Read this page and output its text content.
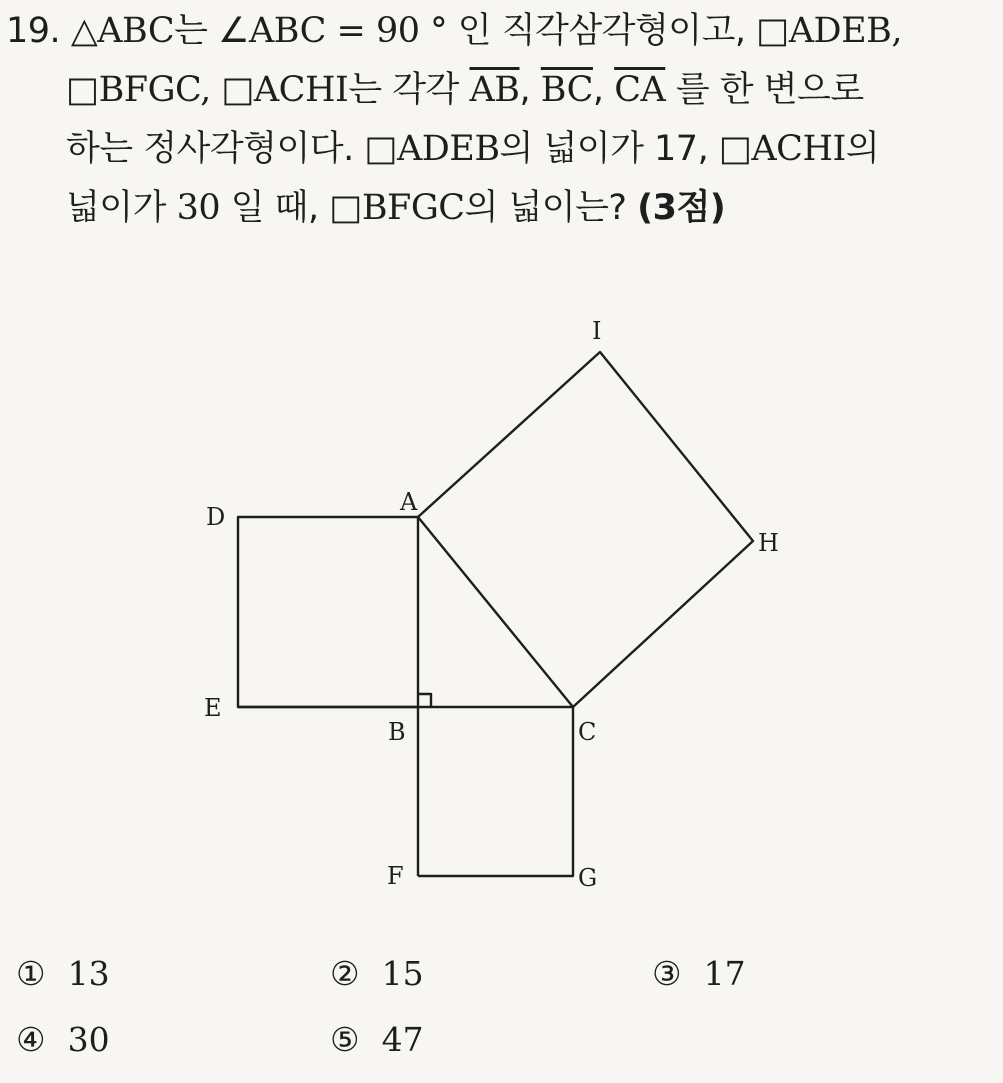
19. △ABC는 ∠ABC = 90 ° 인 직각삼각형이고, □ADEB,
□BFGC, □ACHI는 각각 $\overline{AB}$, $\overline{BC}$, $\overline{CA}$ 를 한 변으로
하는 정사각형이다. □ADEB의 넓이가 17, □ACHI의
넓이가 30 일 때, □BFGC의 넓이는? (3점)
I
A
D
H
E
B	C
F	G
① 13	② 15	③ 17
④ 30	⑤ 47
